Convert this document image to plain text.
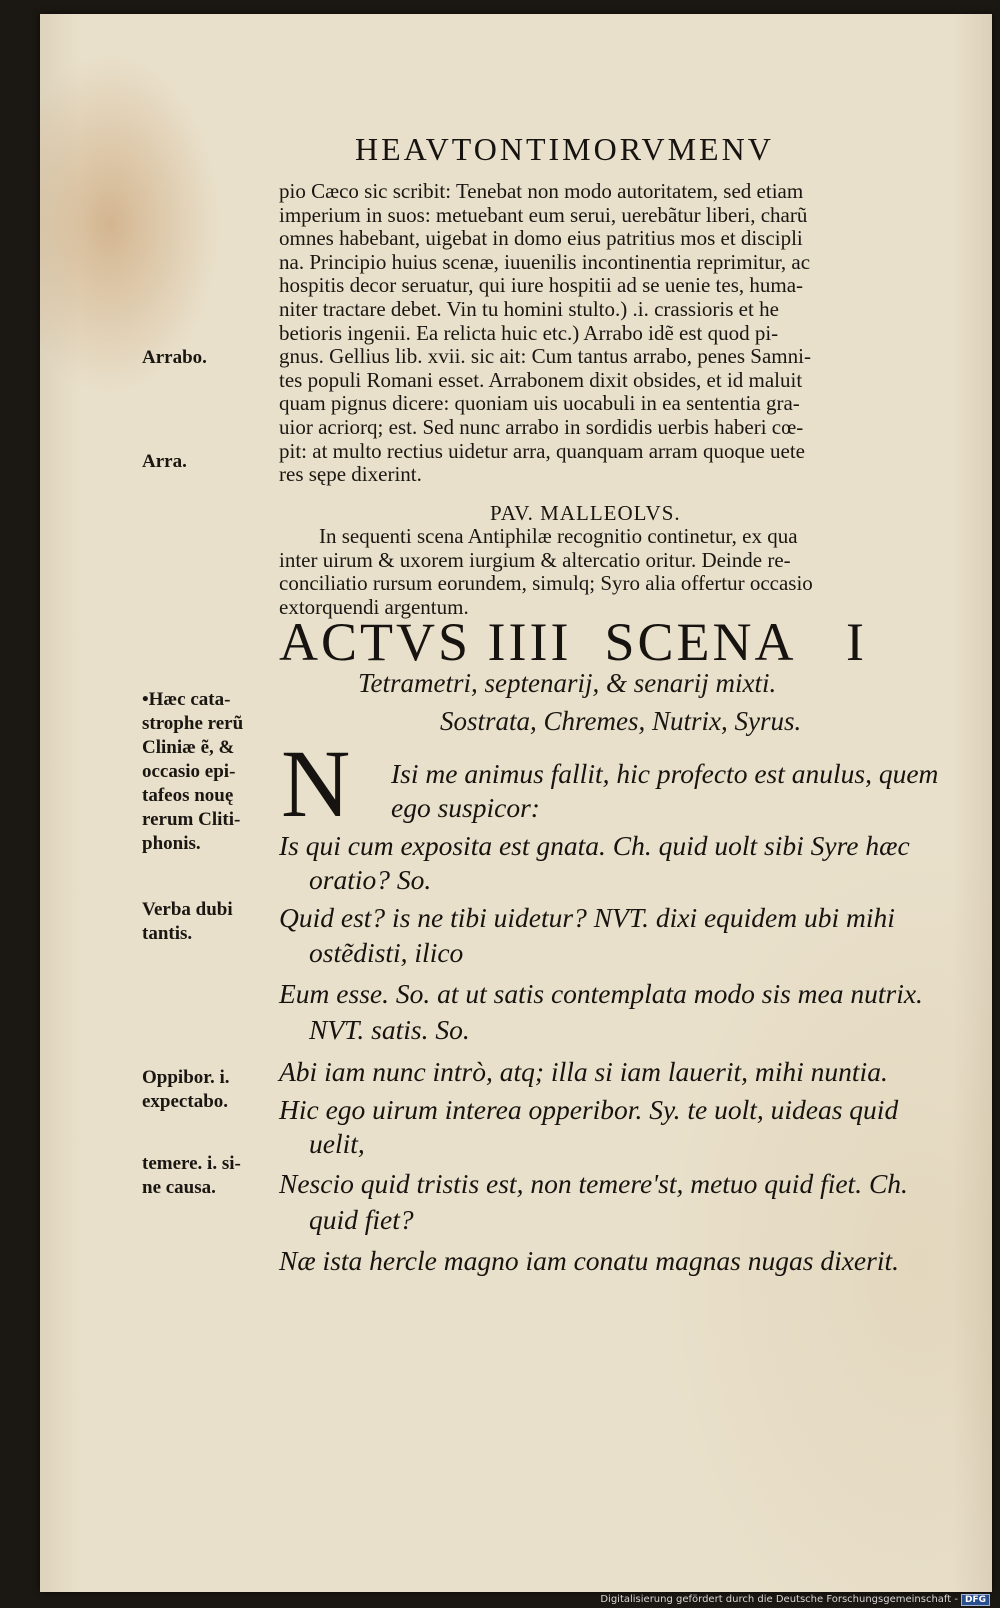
HEAVTONTIMORVMENV
pio Cæco sic scribit: Tenebat non modo autoritatem, sed etiam
imperium in suos: metuebant eum serui, uerebãtur liberi, charũ
omnes habebant, uigebat in domo eius patritius mos et discipli
na. Principio huius scenæ, iuuenilis incontinentia reprimitur, ac
hospitis decor seruatur, qui iure hospitii ad se uenie tes, huma-
niter tractare debet. Vin tu homini stulto.) .i. crassioris et he
betioris ingenii. Ea relicta huic etc.) Arrabo idẽ est quod pi-
gnus. Gellius lib. xvii. sic ait: Cum tantus arrabo, penes Samni-
tes populi Romani esset. Arrabonem dixit obsides, et id maluit
quam pignus dicere: quoniam uis uocabuli in ea sententia gra-
uior acriorq; est. Sed nunc arrabo in sordidis uerbis haberi cœ-
pit: at multo rectius uidetur arra, quanquam arram quoque uete
res sępe dixerint.
PAV. MALLEOLVS.
In sequenti scena Antiphilæ recognitio continetur, ex qua
inter uirum & uxorem iurgium & altercatio oritur. Deinde re-
conciliatio rursum eorundem, simulq; Syro alia offertur occasio
extorquendi argentum.
ACTVS IIII SCENA I
Tetrametri, septenarij, & senarij mixti.
Sostrata, Chremes, Nutrix, Syrus.
N	Isi me animus fallit, hic profecto est anulus, quem
ego suspicor:
Is qui cum exposita est gnata. Ch. quid uolt sibi Syre hæc
oratio? So.
Quid est? is ne tibi uidetur? NVT. dixi equidem ubi mihi
ostẽdisti, ilico
Eum esse. So. at ut satis contemplata modo sis mea nutrix.
NVT. satis. So.
Abi iam nunc intrò, atq; illa si iam lauerit, mihi nuntia.
Hic ego uirum interea opperibor. Sy. te uolt, uideas quid
uelit,
Nescio quid tristis est, non temere'st, metuo quid fiet. Ch.
quid fiet?
Næ ista hercle magno iam conatu magnas nugas dixerit.
Arrabo.
Arra.
•Hæc cata-
strophe rerũ
Cliniæ ẽ, &
occasio epi-
tafeos nouę
rerum Cliti-
phonis.
Verba dubi
tantis.
Oppibor. i.
expectabo.
temere. i. si-
ne causa.
Digitalisierung gefördert durch die Deutsche Forschungsgemeinschaft - DFG
